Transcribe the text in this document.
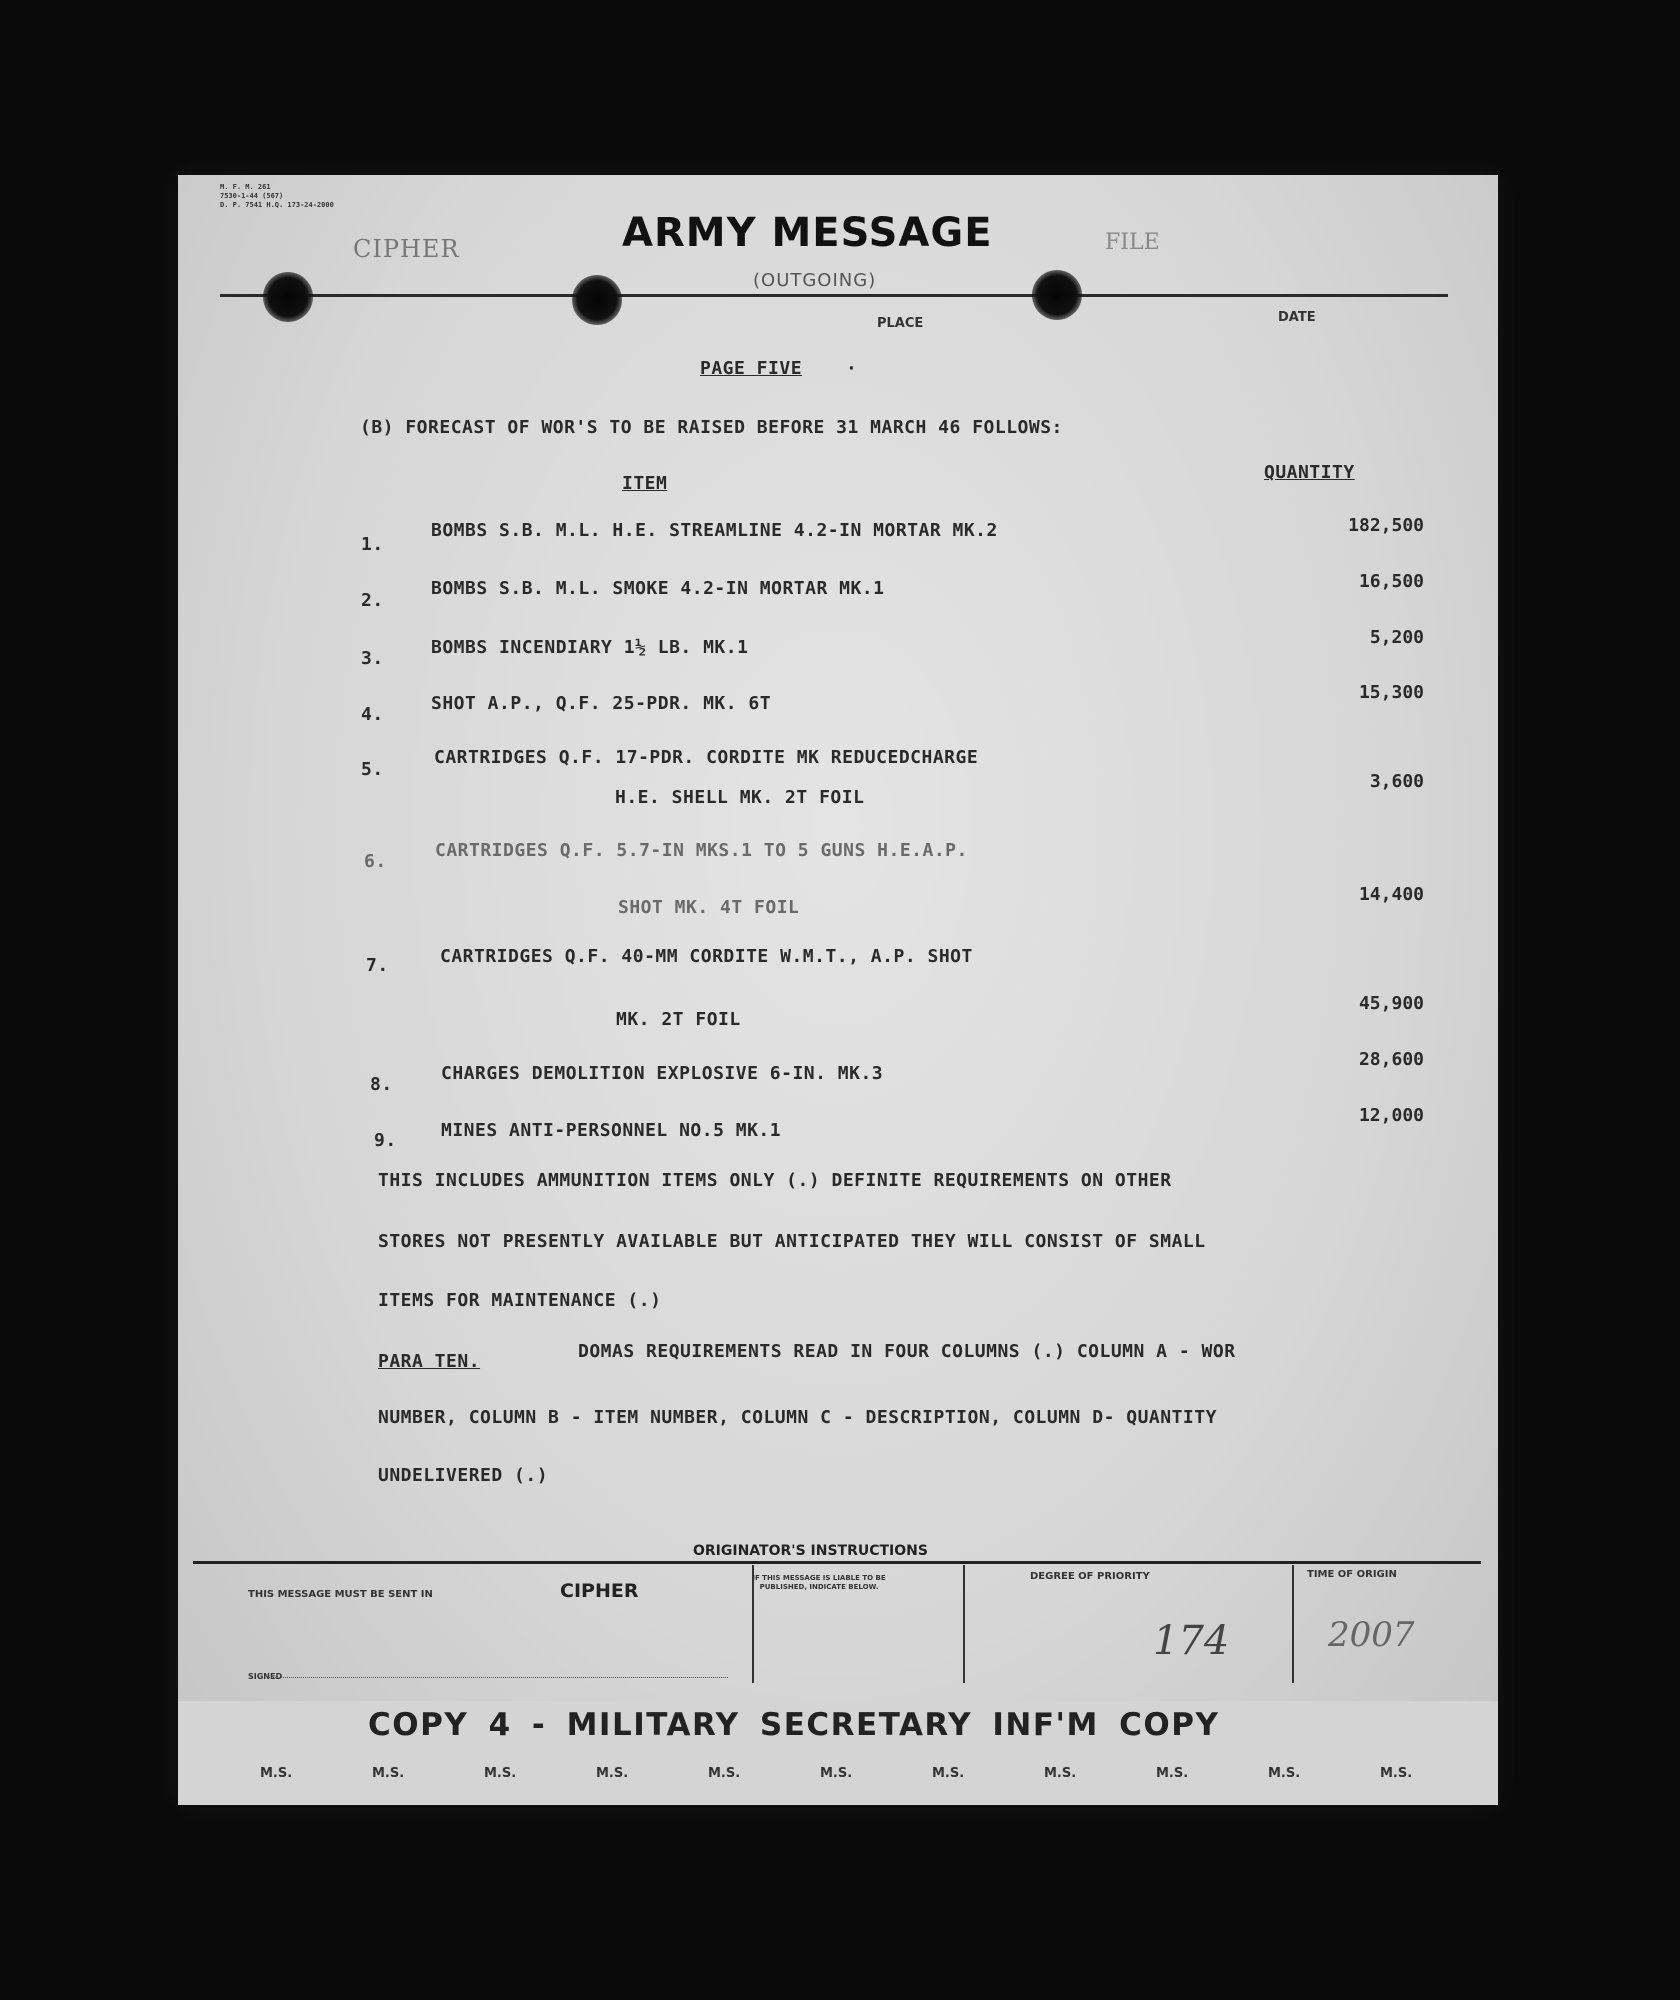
M. F. M. 261
7530-1-44 (567)
D. P. 7541 H.Q. 173-24-2000
CIPHER	ARMY MESSAGE	FILE
(OUTGOING)
PLACE	DATE
PAGE FIVE ·
(B) FORECAST OF WOR'S TO BE RAISED BEFORE 31 MARCH 46 FOLLOWS:
ITEM
QUANTITY
1.
BOMBS S.B. M.L. H.E. STREAMLINE 4.2-IN MORTAR MK.2	182,500
2.
BOMBS S.B. M.L. SMOKE 4.2-IN MORTAR MK.1	16,500
3.
BOMBS INCENDIARY 1½ LB. MK.1	5,200
4.
SHOT A.P., Q.F. 25-PDR. MK. 6T
15,300
5.
CARTRIDGES Q.F. 17-PDR. CORDITE MK REDUCEDCHARGE
H.E. SHELL MK. 2T FOIL
3,600
6.
CARTRIDGES Q.F. 5.7-IN MKS.1 TO 5 GUNS H.E.A.P.
SHOT MK. 4T FOIL
14,400
7.	CARTRIDGES Q.F. 40-MM CORDITE W.M.T., A.P. SHOT
MK. 2T FOIL
45,900
8.
CHARGES DEMOLITION EXPLOSIVE 6-IN. MK.3
28,600
9. MINES ANTI-PERSONNEL NO.5 MK.1
12,000
THIS INCLUDES AMMUNITION ITEMS ONLY (.) DEFINITE REQUIREMENTS ON OTHER
STORES NOT PRESENTLY AVAILABLE BUT ANTICIPATED THEY WILL CONSIST OF SMALL
ITEMS FOR MAINTENANCE (.)
PARA TEN.	DOMAS REQUIREMENTS READ IN FOUR COLUMNS (.) COLUMN A - WOR
NUMBER, COLUMN B - ITEM NUMBER, COLUMN C - DESCRIPTION, COLUMN D- QUANTITY
UNDELIVERED (.)
ORIGINATOR'S INSTRUCTIONS
THIS MESSAGE MUST BE SENT IN	CIPHER
IF THIS MESSAGE IS LIABLE TO BE PUBLISHED, INDICATE BELOW.
DEGREE OF PRIORITY
174
TIME OF ORIGIN
2007
SIGNED
COPY 4 - MILITARY SECRETARY INF'M COPY
M.S.	M.S.	M.S.	M.S.	M.S.	M.S.	M.S.	M.S.	M.S.	M.S.	M.S.
